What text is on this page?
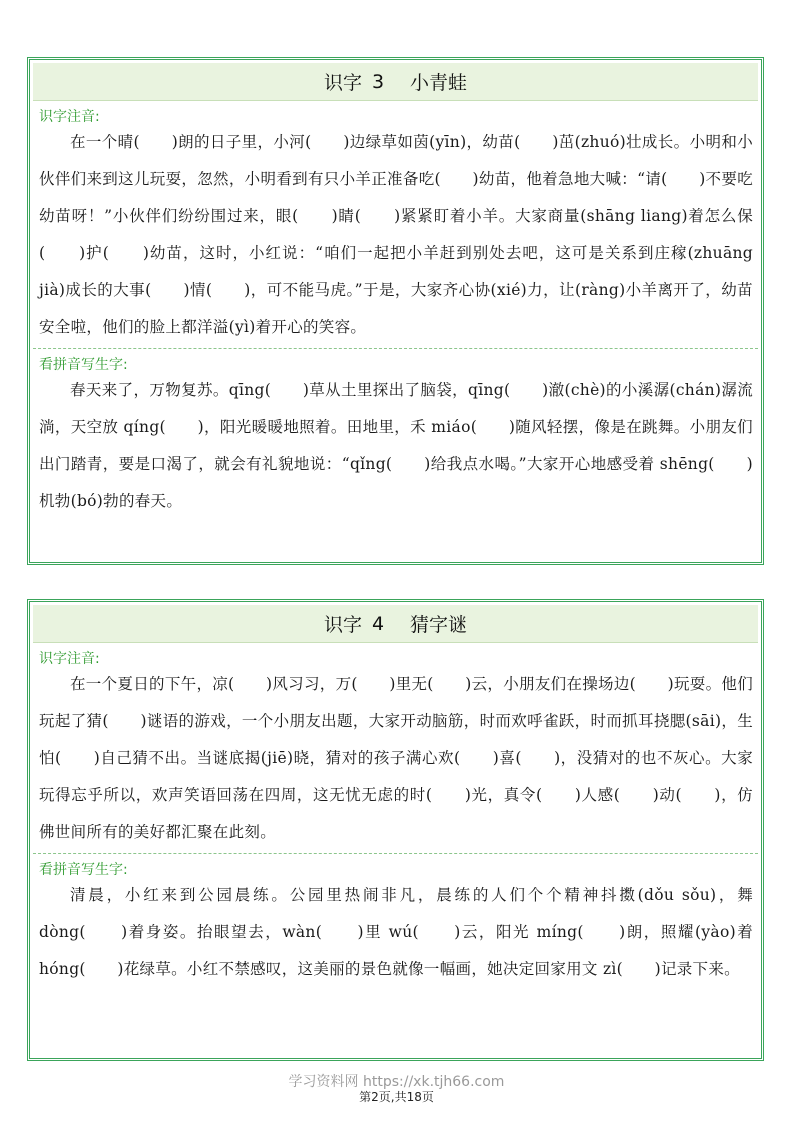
识字 3 小青蛙
识字注音:
在一个晴(　　)朗的日子里，小河(　　)边绿草如茵(yīn)，幼苗(　　)茁(zhuó)壮成长。小明和小伙伴们来到这儿玩耍，忽然，小明看到有只小羊正准备吃(　　)幼苗，他着急地大喊：“请(　　)不要吃幼苗呀！”小伙伴们纷纷围过来，眼(　　)睛(　　)紧紧盯着小羊。大家商量(shāng liang)着怎么保(　　)护(　　)幼苗，这时，小红说：“咱们一起把小羊赶到别处去吧，这可是关系到庄稼(zhuāng jià)成长的大事(　　)情(　　)，可不能马虎。”于是，大家齐心协(xié)力，让(ràng)小羊离开了，幼苗安全啦，他们的脸上都洋溢(yì)着开心的笑容。
看拼音写生字:
春天来了，万物复苏。qīng(　　)草从土里探出了脑袋，qīng(　　)澈(chè)的小溪潺(chán)潺流淌，天空放 qíng(　　)，阳光暖暖地照着。田地里，禾 miáo(　　)随风轻摆，像是在跳舞。小朋友们出门踏青，要是口渴了，就会有礼貌地说：“qǐng(　　)给我点水喝。”大家开心地感受着 shēng(　　)机勃(bó)勃的春天。
识字 4 猜字谜
识字注音:
在一个夏日的下午，凉(　　)风习习，万(　　)里无(　　)云，小朋友们在操场边(　　)玩耍。他们玩起了猜(　　)谜语的游戏，一个小朋友出题，大家开动脑筋，时而欢呼雀跃，时而抓耳挠腮(sāi)，生怕(　　)自己猜不出。当谜底揭(jiē)晓，猜对的孩子满心欢(　　)喜(　　)，没猜对的也不灰心。大家玩得忘乎所以，欢声笑语回荡在四周，这无忧无虑的时(　　)光，真令(　　)人感(　　)动(　　)，仿佛世间所有的美好都汇聚在此刻。
看拼音写生字:
清晨，小红来到公园晨练。公园里热闹非凡，晨练的人们个个精神抖擞(dǒu sǒu)，舞 dòng(　　)着身姿。抬眼望去，wàn(　　)里 wú(　　)云，阳光 míng(　　)朗，照耀(yào)着 hóng(　　)花绿草。小红不禁感叹，这美丽的景色就像一幅画，她决定回家用文 zì(　　)记录下来。
学习资料网 https://xk.tjh66.com
第2页,共18页
